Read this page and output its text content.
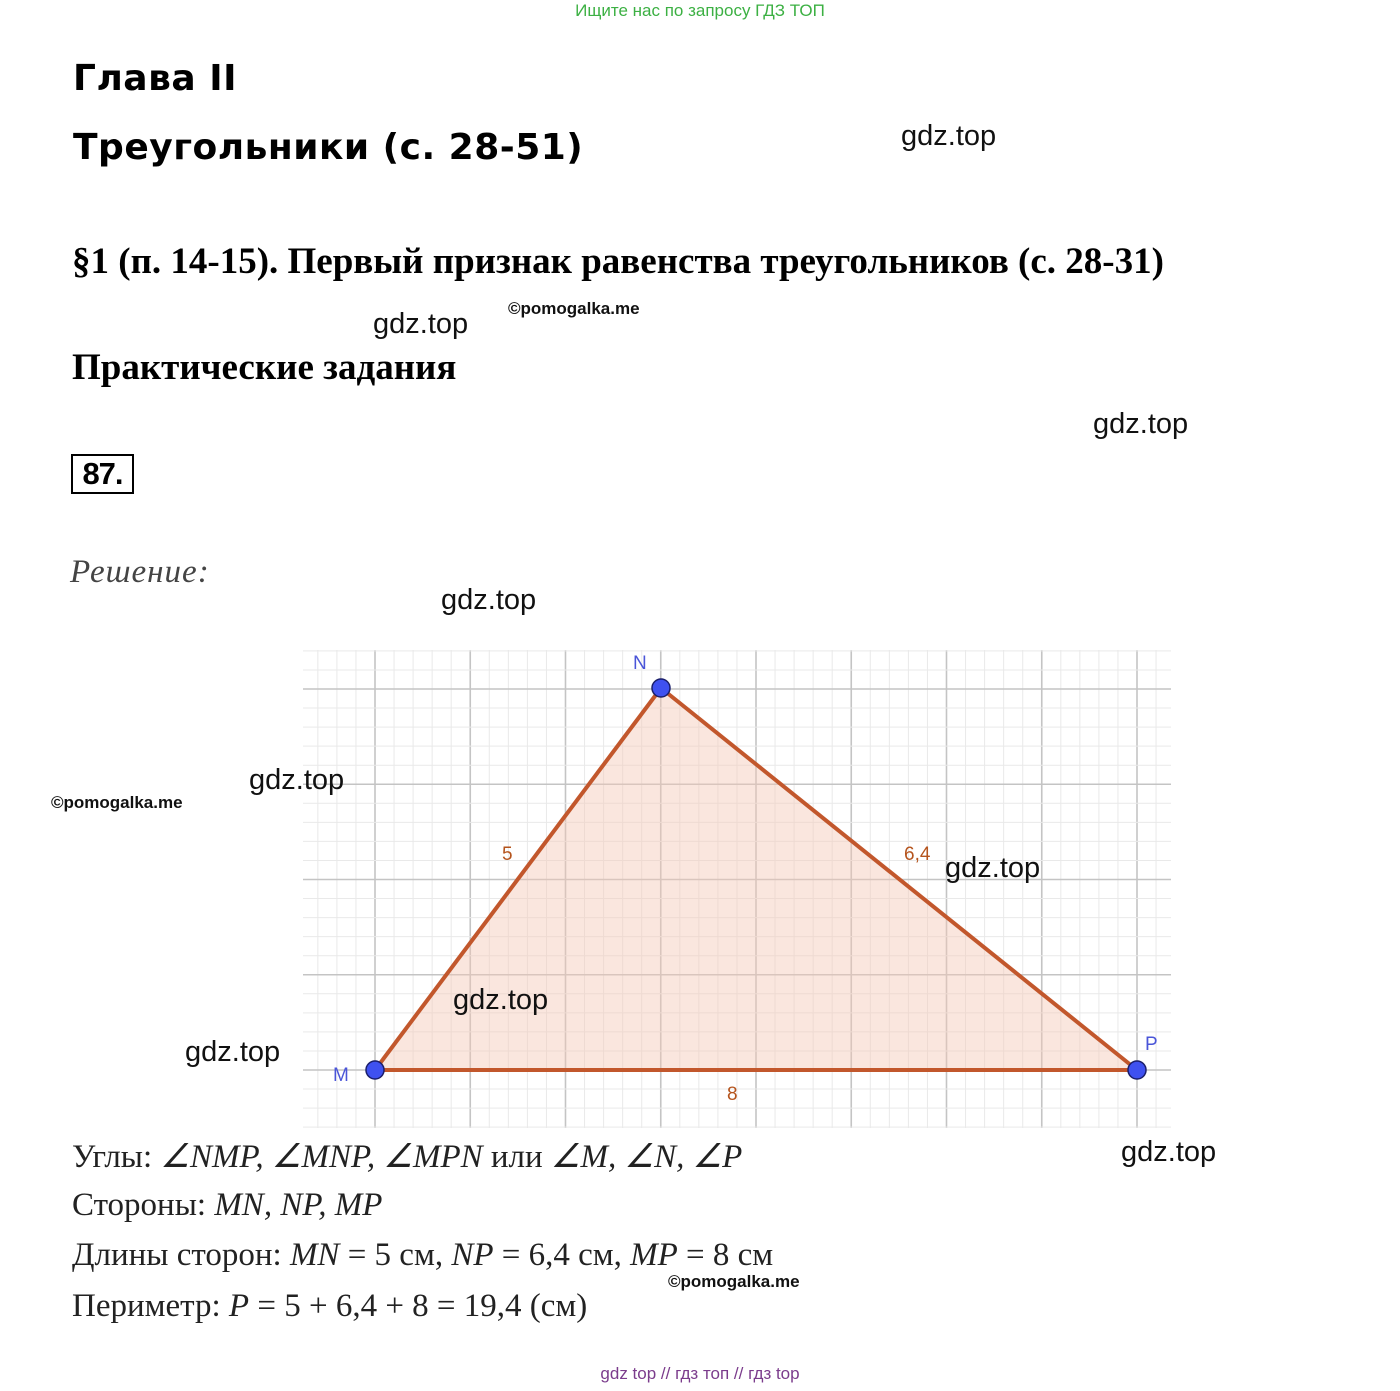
Ищите нас по запросу ГДЗ ТОП
Глава II
Треугольники (с. 28-51)
§1 (п. 14-15). Первый признак равенства треугольников (с. 28-31)
Практические задания
87.
Решение:
M
N
P
5	6,4
8
gdz.top
gdz.top ©pomogalka.me
gdz.top
gdz.top
gdz.top
©pomogalka.me
gdz.top
gdz.top
gdz.top
gdz.top
©pomogalka.me
Углы: ∠NMP, ∠MNP, ∠MPN или ∠M, ∠N, ∠P
Стороны: MN, NP, MP
Длины сторон: MN = 5 см, NP = 6,4 см, MP = 8 см
Периметр: P = 5 + 6,4 + 8 = 19,4 (см)
gdz top // гдз топ // гдз top
